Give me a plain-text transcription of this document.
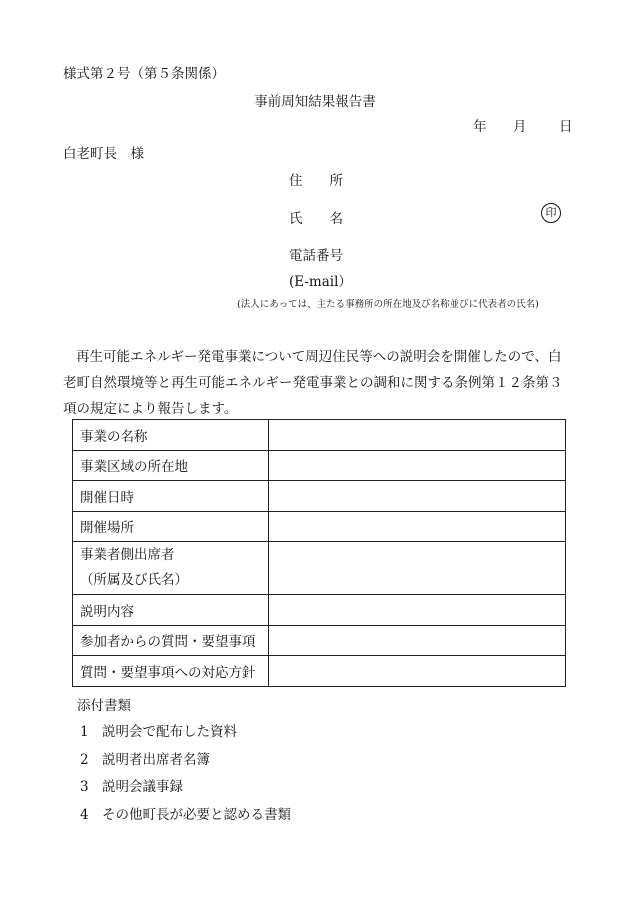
様式第２号（第５条関係）
事前周知結果報告書
年 月 日
白老町長　様
住　　所
氏　　名	印
電話番号
(E-mail）
(法人にあっては、主たる事務所の所在地及び名称並びに代表者の氏名)
再生可能エネルギー発電事業について周辺住民等への説明会を開催したので、白老町自然環境等と再生可能エネルギー発電事業との調和に関する条例第１２条第３項の規定により報告します。
事業の名称	
事業区域の所在地	
開催日時	
開催場所	

事業者側出席者
（所属及び氏名）	

説明内容	
参加者からの質問・要望事項	
質問・要望事項への対応方針	
添付書類
1 説明会で配布した資料
2 説明者出席者名簿
3 説明会議事録
4 その他町長が必要と認める書類
